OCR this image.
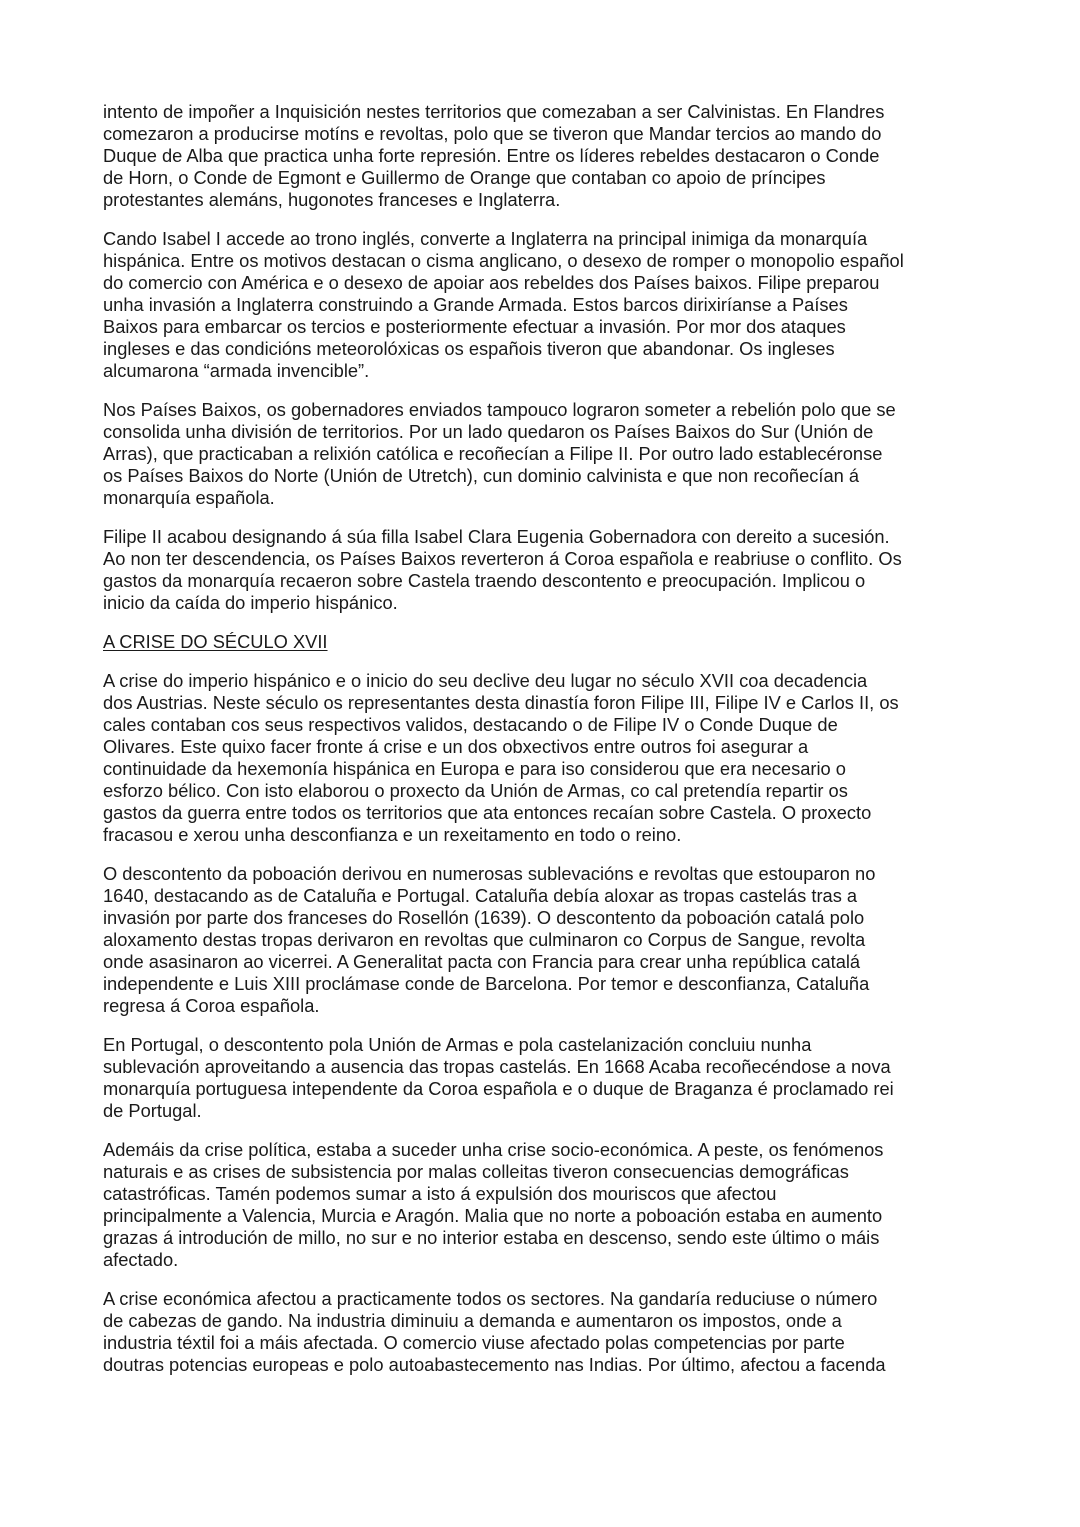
intento de impoñer a Inquisición nestes territorios que comezaban a ser Calvinistas. En Flandres
comezaron a producirse motíns e revoltas, polo que se tiveron que Mandar tercios ao mando do
Duque de Alba que practica unha forte represión. Entre os líderes rebeldes destacaron o Conde
de Horn, o Conde de Egmont e Guillermo de Orange que contaban co apoio de príncipes
protestantes alemáns, hugonotes franceses e Inglaterra.

Cando Isabel I accede ao trono inglés, converte a Inglaterra na principal inimiga da monarquía
hispánica. Entre os motivos destacan o cisma anglicano, o desexo de romper o monopolio español
do comercio con América e o desexo de apoiar aos rebeldes dos Países baixos. Filipe preparou
unha invasión a Inglaterra construindo a Grande Armada. Estos barcos dirixiríanse a Países
Baixos para embarcar os tercios e posteriormente efectuar a invasión. Por mor dos ataques
ingleses e das condicións meteorolóxicas os españois tiveron que abandonar. Os ingleses
alcumarona “armada invencible”.

Nos Países Baixos, os gobernadores enviados tampouco lograron someter a rebelión polo que se
consolida unha división de territorios. Por un lado quedaron os Países Baixos do Sur (Unión de
Arras), que practicaban a relixión católica e recoñecían a Filipe II. Por outro lado establecéronse
os Países Baixos do Norte (Unión de Utretch), cun dominio calvinista e que non recoñecían á
monarquía española.

Filipe II acabou designando á súa filla Isabel Clara Eugenia Gobernadora con dereito a sucesión.
Ao non ter descendencia, os Países Baixos reverteron á Coroa española e reabriuse o conflito. Os
gastos da monarquía recaeron sobre Castela traendo descontento e preocupación. Implicou o
inicio da caída do imperio hispánico.

A CRISE DO SÉCULO XVII

A crise do imperio hispánico e o inicio do seu declive deu lugar no século XVII coa decadencia
dos Austrias. Neste século os representantes desta dinastía foron Filipe III, Filipe IV e Carlos II, os
cales contaban cos seus respectivos validos, destacando o de Filipe IV o Conde Duque de
Olivares. Este quixo facer fronte á crise e un dos obxectivos entre outros foi asegurar a
continuidade da hexemonía hispánica en Europa e para iso considerou que era necesario o
esforzo bélico. Con isto elaborou o proxecto da Unión de Armas, co cal pretendía repartir os
gastos da guerra entre todos os territorios que ata entonces recaían sobre Castela. O proxecto
fracasou e xerou unha desconfianza e un rexeitamento en todo o reino.

O descontento da poboación derivou en numerosas sublevacións e revoltas que estouparon no
1640, destacando as de Cataluña e Portugal. Cataluña debía aloxar as tropas castelás tras a
invasión por parte dos franceses do Rosellón (1639). O descontento da poboación catalá polo
aloxamento destas tropas derivaron en revoltas que culminaron co Corpus de Sangue, revolta
onde asasinaron ao vicerrei. A Generalitat pacta con Francia para crear unha república catalá
independente e Luis XIII proclámase conde de Barcelona. Por temor e desconfianza, Cataluña
regresa á Coroa española.

En Portugal, o descontento pola Unión de Armas e pola castelanización concluiu nunha
sublevación aproveitando a ausencia das tropas castelás. En 1668 Acaba recoñecéndose a nova
monarquía portuguesa intependente da Coroa española e o duque de Braganza é proclamado rei
de Portugal.

Ademáis da crise política, estaba a suceder unha crise socio-económica. A peste, os fenómenos
naturais e as crises de subsistencia por malas colleitas tiveron consecuencias demográficas
catastróficas. Tamén podemos sumar a isto á expulsión dos mouriscos que afectou
principalmente a Valencia, Murcia e Aragón. Malia que no norte a poboación estaba en aumento
grazas á introdución de millo, no sur e no interior estaba en descenso, sendo este último o máis
afectado.

A crise económica afectou a practicamente todos os sectores. Na gandaría reduciuse o número
de cabezas de gando. Na industria diminuiu a demanda e aumentaron os impostos, onde a
industria téxtil foi a máis afectada. O comercio viuse afectado polas competencias por parte
doutras potencias europeas e polo autoabastecemento nas Indias. Por último, afectou a facenda
